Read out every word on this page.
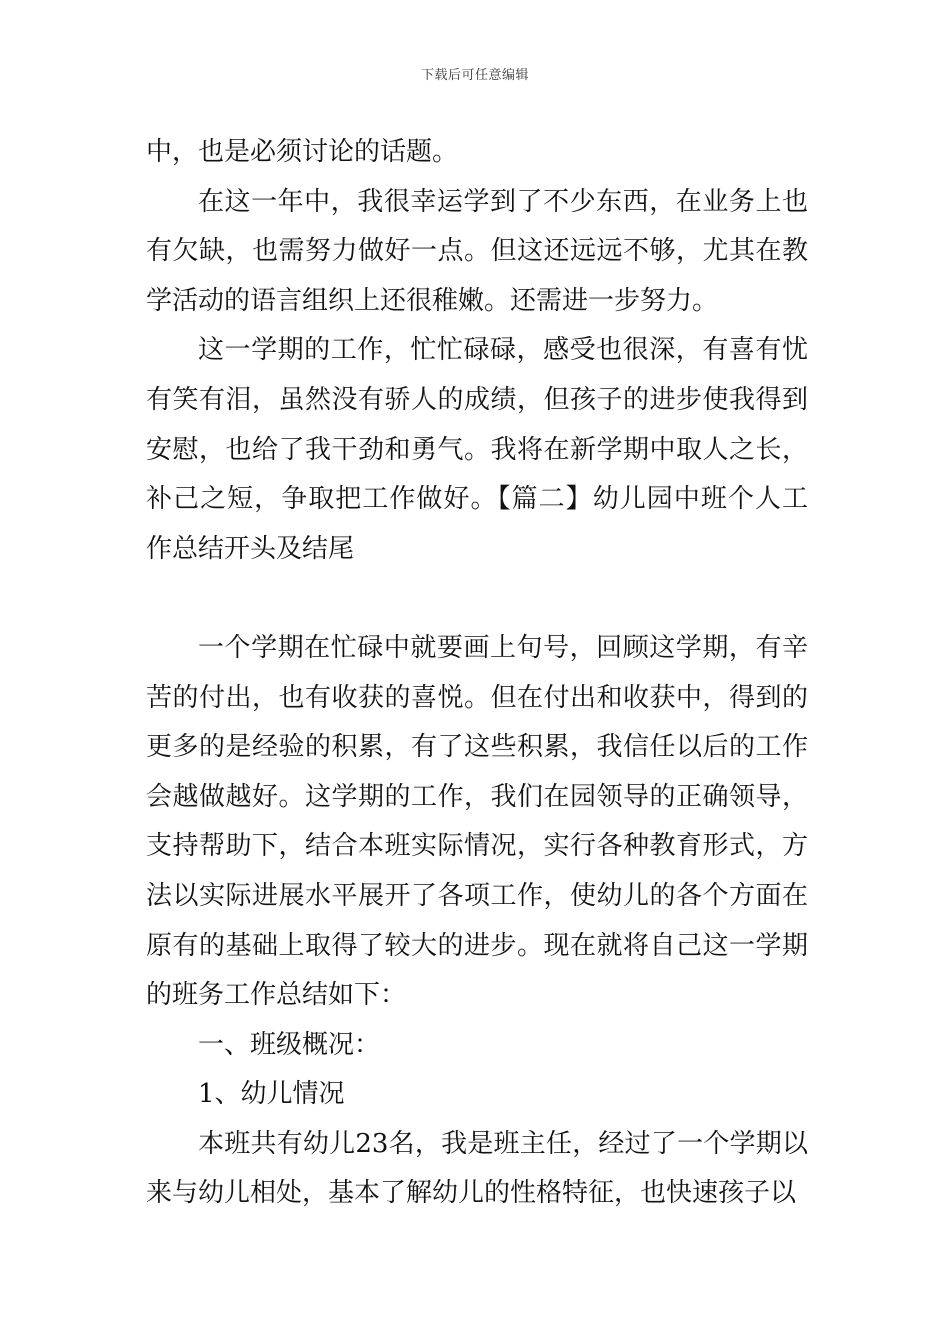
下载后可任意编辑

中，也是必须讨论的话题。

在这一年中，我很幸运学到了不少东西，在业务上也有欠缺，也需努力做好一点。但这还远远不够，尤其在教学活动的语言组织上还很稚嫩。还需进一步努力。

这一学期的工作，忙忙碌碌，感受也很深，有喜有忧有笑有泪，虽然没有骄人的成绩，但孩子的进步使我得到安慰，也给了我干劲和勇气。我将在新学期中取人之长，补己之短，争取把工作做好。【篇二】幼儿园中班个人工作总结开头及结尾

一个学期在忙碌中就要画上句号，回顾这学期，有辛苦的付出，也有收获的喜悦。但在付出和收获中，得到的更多的是经验的积累，有了这些积累，我信任以后的工作会越做越好。这学期的工作，我们在园领导的正确领导，支持帮助下，结合本班实际情况，实行各种教育形式，方法以实际进展水平展开了各项工作，使幼儿的各个方面在原有的基础上取得了较大的进步。现在就将自己这一学期的班务工作总结如下：

一、班级概况：

1、幼儿情况

本班共有幼儿23名，我是班主任，经过了一个学期以来与幼儿相处，基本了解幼儿的性格特征，也快速孩子以
